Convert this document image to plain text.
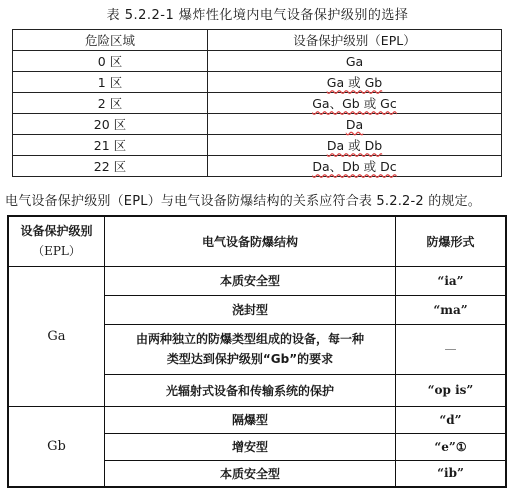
表 5.2.2-1 爆炸性化境内电气设备保护级别的选择
危险区域	设备保护级别（EPL）
0 区	Ga
1 区	Ga 或 Gb
2 区	Ga、Gb 或 Gc
20 区	Da
21 区	Da 或 Db
22 区	Da、Db 或 Dc
电气设备保护级别（EPL）与电气设备防爆结构的关系应符合表 5.2.2-2 的规定。
设备保护级别
（EPL）	电气设备防爆结构	防爆形式
Ga	本质安全型	“ia”
	浇封型	“ma”

	由两种独立的防爆类型组成的设备，每一种
类型达到保护级别“Gb”的要求	—
	光辐射式设备和传输系统的保护	“op is”
Gb	隔爆型	“d”
	增安型	“e”①
	本质安全型	“ib”
